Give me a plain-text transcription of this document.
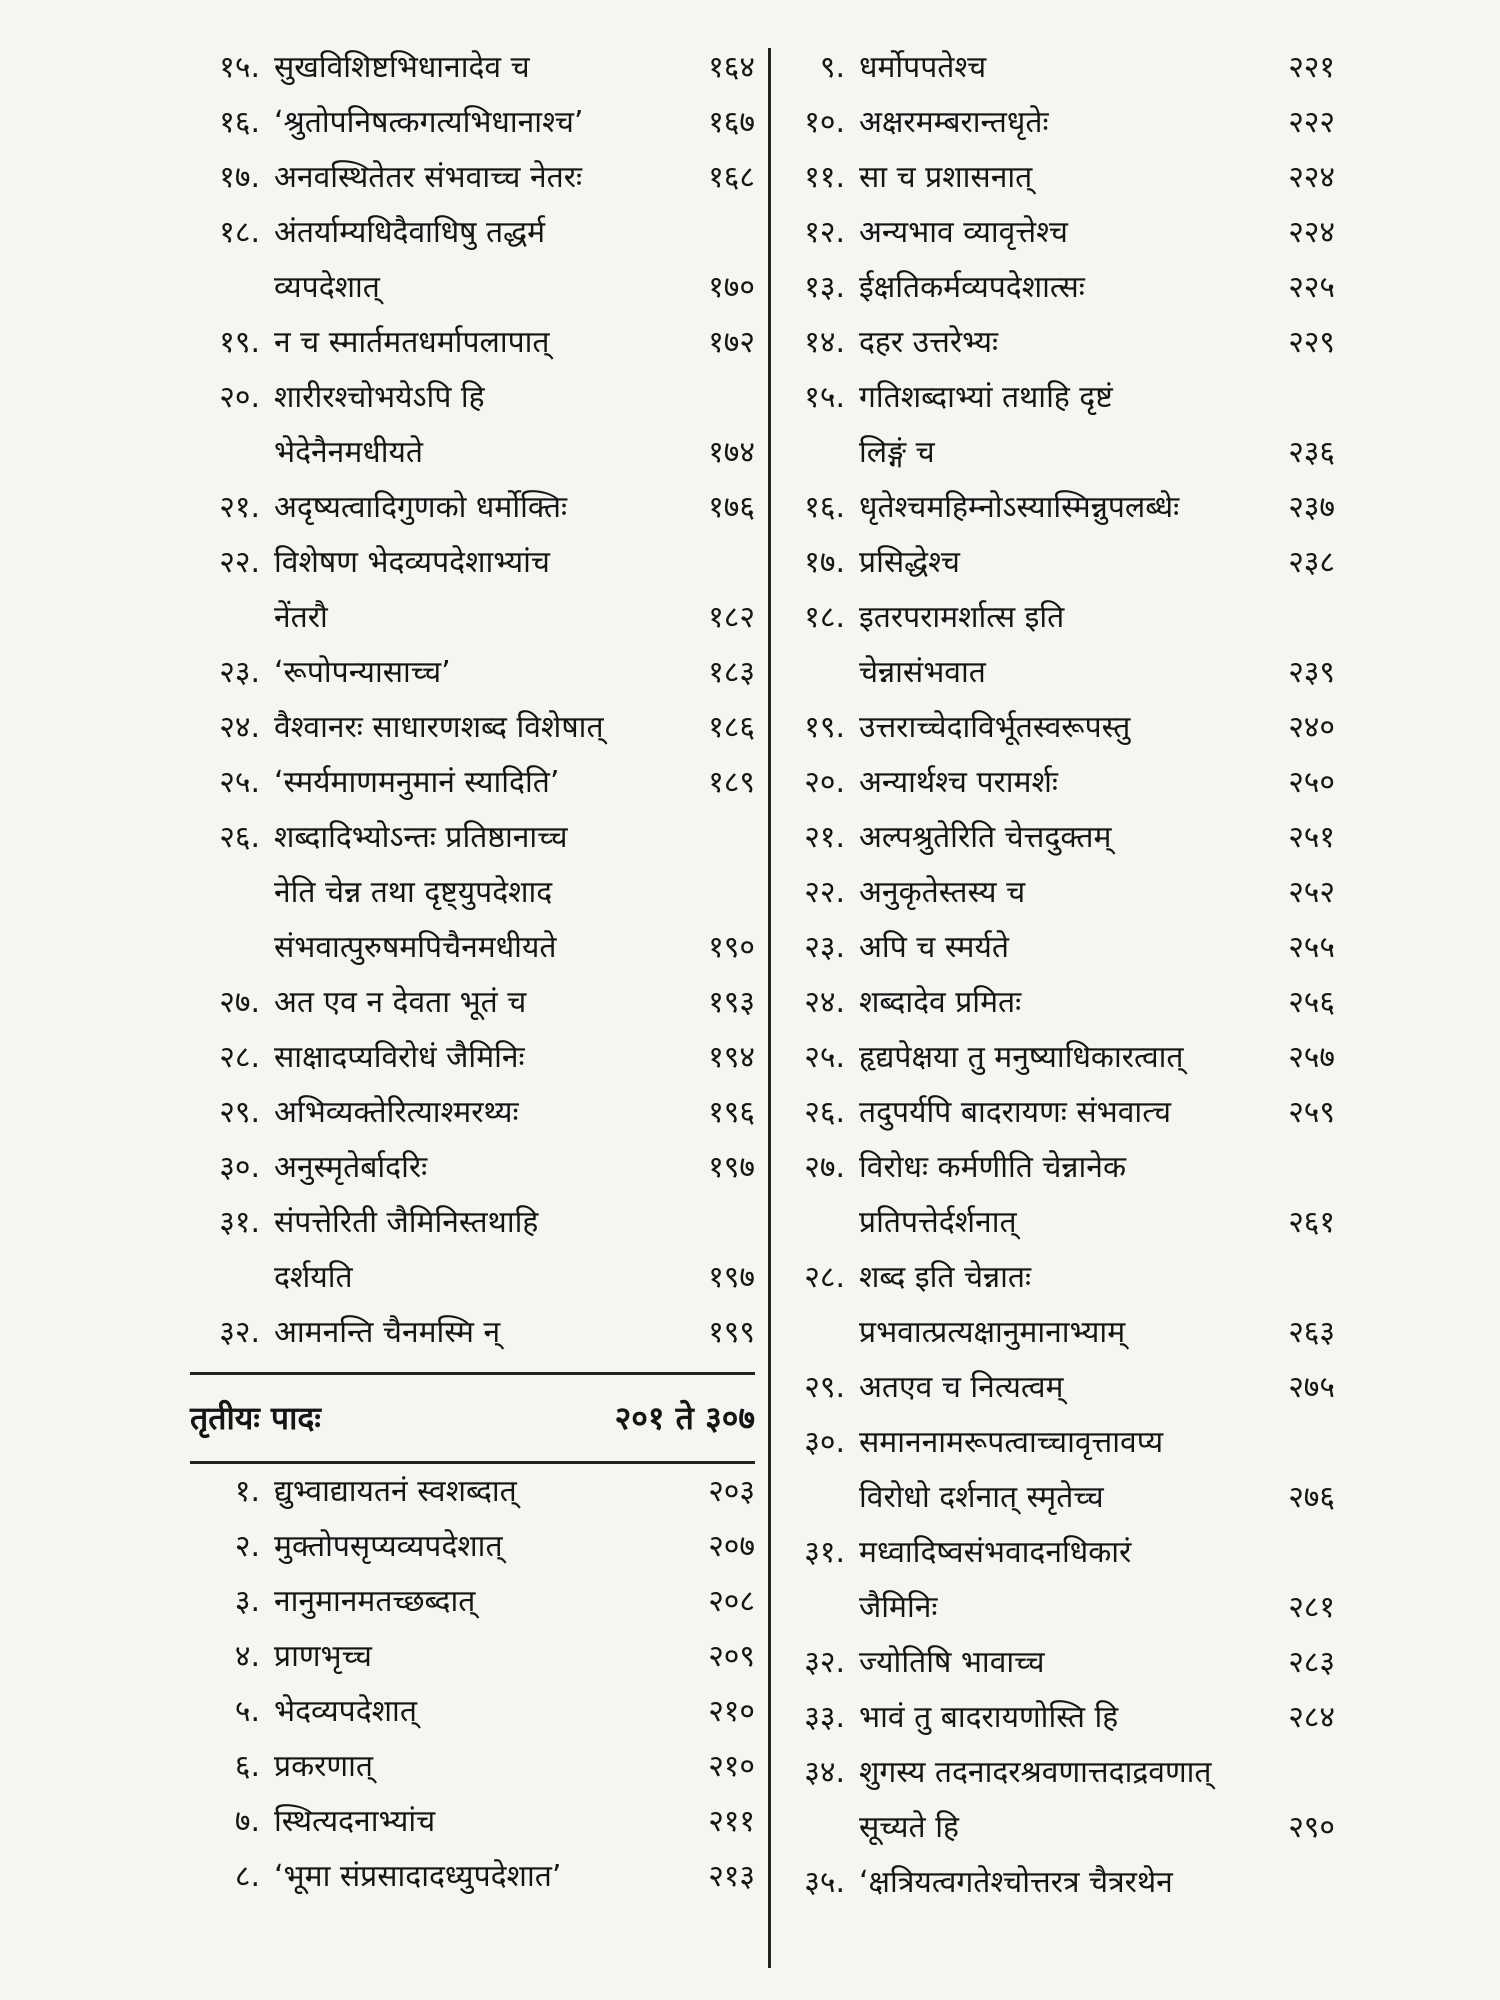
१५. सुखविशिष्टभिधानादेव च	१६४
१६. ‘श्रुतोपनिषत्कगत्यभिधानाश्च’	१६७
१७. अनवस्थितेतर संभवाच्च नेतरः	१६८
१८. अंतर्याम्यधिदैवाधिषु तद्धर्म
व्यपदेशात्	१७०
१९. न च स्मार्तमतधर्मापलापात्	१७२
२०. शारीरश्चोभयेऽपि हि
भेदेनैनमधीयते	१७४
२१. अदृष्यत्वादिगुणको धर्मोक्तिः	१७६
२२. विशेषण भेदव्यपदेशाभ्यांच
नेंतरौ	१८२
२३. ‘रूपोपन्यासाच्च’	१८३
२४. वैश्वानरः साधारणशब्द विशेषात्	१८६
२५. ‘स्मर्यमाणमनुमानं स्यादिति’	१८९
२६. शब्दादिभ्योऽन्तः प्रतिष्ठानाच्च
नेति चेन्न तथा दृष्ट्युपदेशाद
संभवात्पुरुषमपिचैनमधीयते	१९०
२७. अत एव न देवता भूतं च	१९३
२८. साक्षादप्यविरोधं जैमिनिः	१९४
२९. अभिव्यक्तेरित्याश्मरथ्यः	१९६
३०. अनुस्मृतेर्बादरिः	१९७
३१. संपत्तेरिती जैमिनिस्तथाहि
दर्शयति	१९७
३२. आमनन्ति चैनमस्मि न्	१९९
तृतीयः पादः	२०१ ते ३०७
१. द्युभ्वाद्यायतनं स्वशब्दात्	२०३
२. मुक्तोपसृप्यव्यपदेशात्	२०७
३. नानुमानमतच्छब्दात्	२०८
४. प्राणभृच्च	२०९
५. भेदव्यपदेशात्	२१०
६. प्रकरणात्	२१०
७. स्थित्यदनाभ्यांच	२११
८. ‘भूमा संप्रसादादध्युपदेशात’	२१३
९. धर्मोपपतेश्च	२२१
१०. अक्षरमम्बरान्तधृतेः	२२२
११. सा च प्रशासनात्	२२४
१२. अन्यभाव व्यावृत्तेश्च	२२४
१३. ईक्षतिकर्मव्यपदेशात्सः	२२५
१४. दहर उत्तरेभ्यः	२२९
१५. गतिशब्दाभ्यां तथाहि दृष्टं
लिङ्गं च	२३६
१६. धृतेश्चमहिम्नोऽस्यास्मिन्नुपलब्धेः	२३७
१७. प्रसिद्धेश्च	२३८
१८. इतरपरामर्शात्स इति
चेन्नासंभवात	२३९
१९. उत्तराच्चेदाविर्भूतस्वरूपस्तु	२४०
२०. अन्यार्थश्च परामर्शः	२५०
२१. अल्पश्रुतेरिति चेत्तदुक्तम्	२५१
२२. अनुकृतेस्तस्य च	२५२
२३. अपि च स्मर्यते	२५५
२४. शब्दादेव प्रमितः	२५६
२५. हृद्यपेक्षया तु मनुष्याधिकारत्वात्	२५७
२६. तदुपर्यपि बादरायणः संभवात्च	२५९
२७. विरोधः कर्मणीति चेन्नानेक
प्रतिपत्तेर्दर्शनात्	२६१
२८. शब्द इति चेन्नातः
प्रभवात्प्रत्यक्षानुमानाभ्याम्	२६३
२९. अतएव च नित्यत्वम्	२७५
३०. समाननामरूपत्वाच्चावृत्तावप्य
विरोधो दर्शनात् स्मृतेच्च	२७६
३१. मध्वादिष्वसंभवादनधिकारं
जैमिनिः	२८१
३२. ज्योतिषि भावाच्च	२८३
३३. भावं तु बादरायणोस्ति हि	२८४
३४. शुगस्य तदनादरश्रवणात्तदाद्रवणात्
सूच्यते हि	२९०
३५. ‘क्षत्रियत्वगतेश्चोत्तरत्र चैत्ररथेन
